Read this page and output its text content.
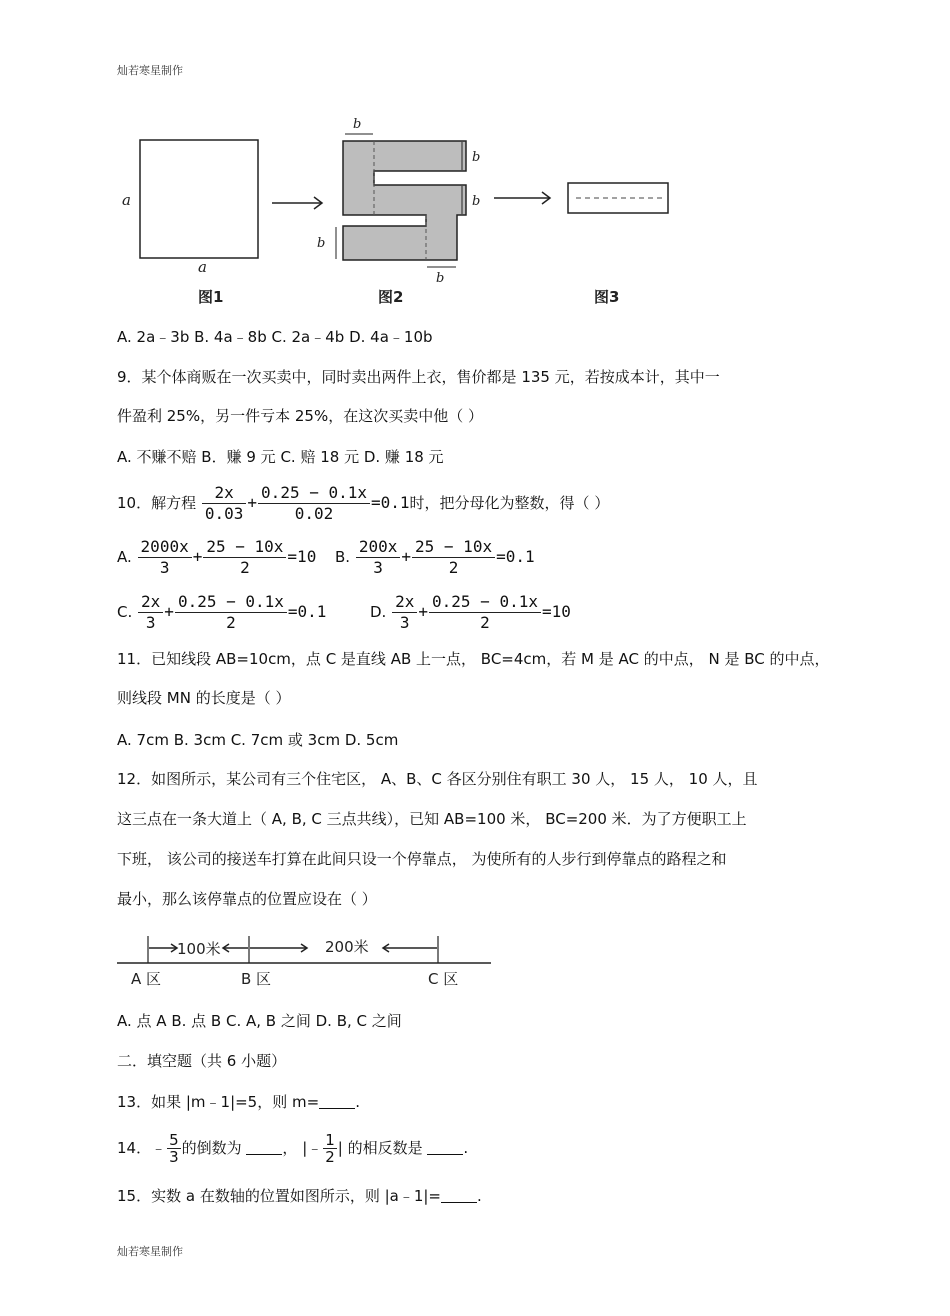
灿若寒星制作
a
a
b
b
b
b
b
图1	图2	图3
A. 2a﹣3b B. 4a﹣8b C. 2a﹣4b D. 4a﹣10b
9．某个体商贩在一次买卖中，同时卖出两件上衣，售价都是 135 元，若按成本计，其中一
件盈利 25%，另一件亏本 25%，在这次买卖中他（ ）
A. 不赚不赔 B．赚 9 元 C. 赔 18 元 D. 赚 18 元
10．解方程 $\frac{2x}{0.03} + \frac{0.25 - 0.1x}{0.02} =0.1$时，把分母化为整数，得（ ）
A. $\frac{2000x}{3} + \frac{25 - 10x}{2} =10$ B. $\frac{200x}{3} + \frac{25 - 10x}{2} =0.1$
C. $\frac{2x}{3} + \frac{0.25 - 0.1x}{2} =0.1$	D. $\frac{2x}{3} + \frac{0.25 - 0.1x}{2} =10$
11．已知线段 AB=10cm，点 C 是直线 AB 上一点， BC=4cm，若 M 是 AC 的中点， N 是 BC 的中点，
则线段 MN 的长度是（ ）
A. 7cm B. 3cm C. 7cm 或 3cm D. 5cm
12．如图所示，某公司有三个住宅区， A、B、C 各区分别住有职工 30 人， 15 人， 10 人，且
这三点在一条大道上（ A, B, C 三点共线），已知 AB=100 米， BC=200 米．为了方便职工上
下班， 该公司的接送车打算在此间只设一个停靠点， 为使所有的人步行到停靠点的路程之和
最小，那么该停靠点的位置应设在（ ）
100米	200米
A 区	B 区	C 区
A. 点 A B. 点 B C. A, B 之间 D. B, C 之间
二．填空题（共 6 小题）
13．如果 |m﹣1|=5，则 m= .
14．﹣ $\frac{5}{3}$ 的倒数为 ， |﹣ $\frac{1}{2}$ | 的相反数是 .
15．实数 a 在数轴的位置如图所示，则 |a﹣1|= .
灿若寒星制作
